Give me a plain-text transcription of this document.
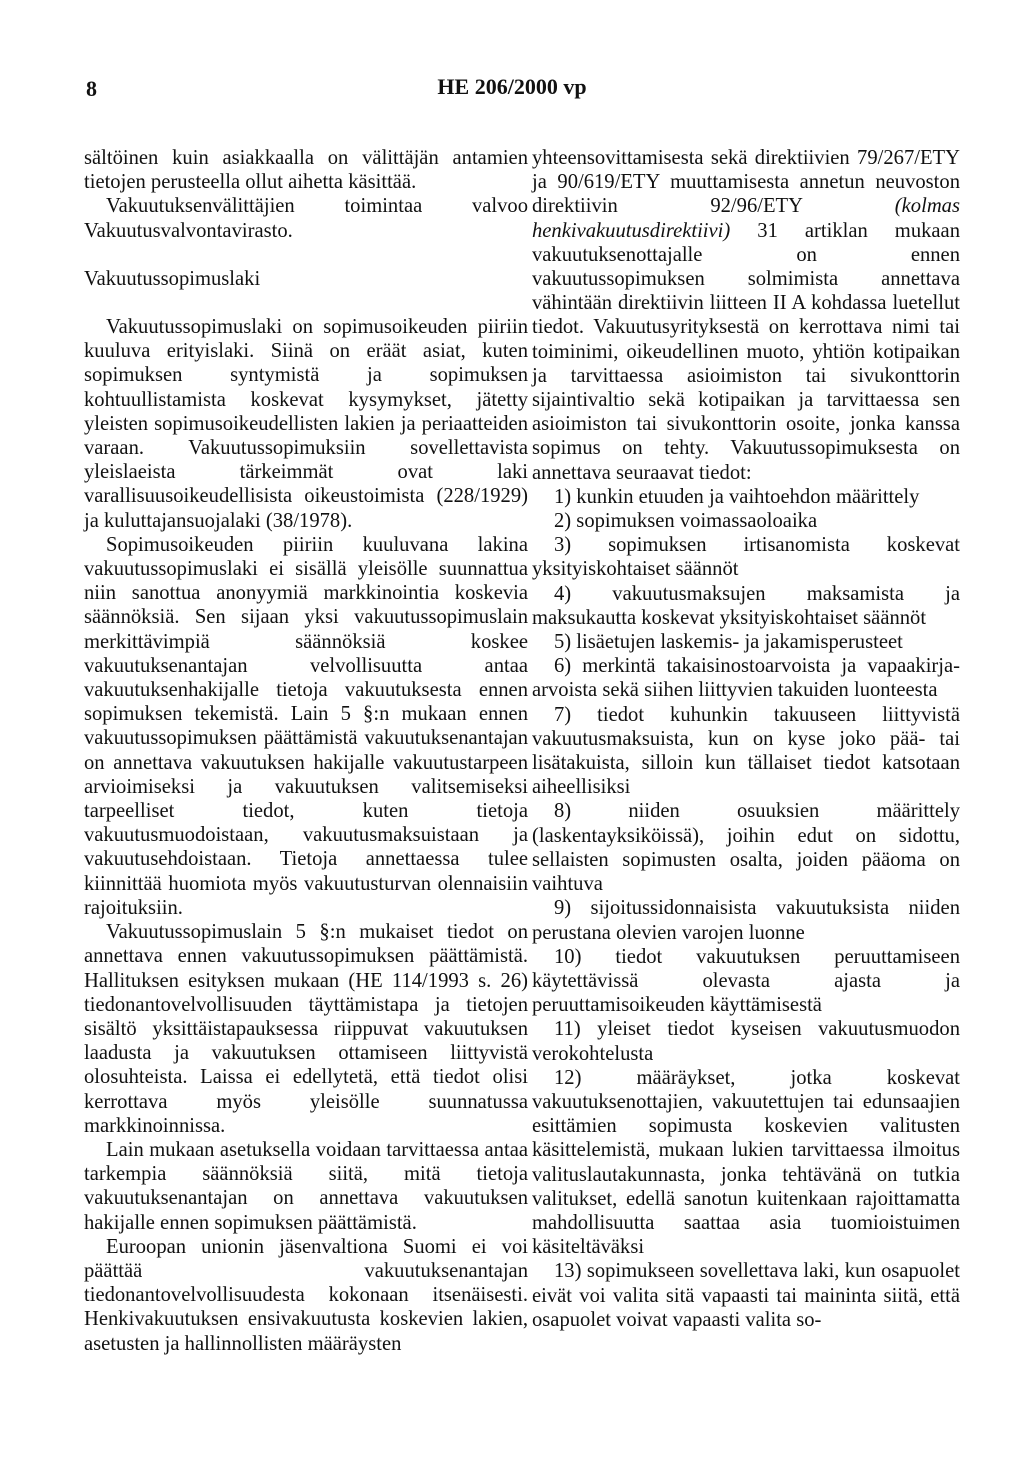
8	HE 206/2000 vp

sältöinen kuin asiakkaalla on välittäjän antamien tietojen perusteella ollut aihetta käsittää.

Vakuutuksenvälittäjien toimintaa valvoo Vakuutusvalvontavirasto.

Vakuutussopimuslaki

Vakuutussopimuslaki on sopimusoikeuden piiriin kuuluva erityislaki. Siinä on eräät asiat, kuten sopimuksen syntymistä ja sopimuksen kohtuullistamista koskevat kysymykset, jätetty yleisten sopimusoikeudellisten lakien ja periaatteiden varaan. Vakuutussopimuksiin sovellettavista yleislaeista tärkeimmät ovat laki varallisuusoikeudellisista oikeustoimista (228/1929) ja kuluttajansuojalaki (38/1978).

Sopimusoikeuden piiriin kuuluvana lakina vakuutussopimuslaki ei sisällä yleisölle suunnattua niin sanottua anonyymiä markkinointia koskevia säännöksiä. Sen sijaan yksi vakuutussopimuslain merkittävimpiä säännöksiä koskee vakuutuksenantajan velvollisuutta antaa vakuutuksenhakijalle tietoja vakuutuksesta ennen sopimuksen tekemistä. Lain 5 §:n mukaan ennen vakuutussopimuksen päättämistä vakuutuksenantajan on annettava vakuutuksen hakijalle vakuutustarpeen arvioimiseksi ja vakuutuksen valitsemiseksi tarpeelliset tiedot, kuten tietoja vakuutusmuodoistaan, vakuutusmaksuistaan ja vakuutusehdoistaan. Tietoja annettaessa tulee kiinnittää huomiota myös vakuutusturvan olennaisiin rajoituksiin.

Vakuutussopimuslain 5 §:n mukaiset tiedot on annettava ennen vakuutussopimuksen päättämistä. Hallituksen esityksen mukaan (HE 114/1993 s. 26) tiedonantovelvollisuuden täyttämistapa ja tietojen sisältö yksittäistapauksessa riippuvat vakuutuksen laadusta ja vakuutuksen ottamiseen liittyvistä olosuhteista. Laissa ei edellytetä, että tiedot olisi kerrottava myös yleisölle suunnatussa markkinoinnissa.

Lain mukaan asetuksella voidaan tarvittaessa antaa tarkempia säännöksiä siitä, mitä tietoja vakuutuksenantajan on annettava vakuutuksen hakijalle ennen sopimuksen päättämistä.

Euroopan unionin jäsenvaltiona Suomi ei voi päättää vakuutuksenantajan tiedonantovelvollisuudesta kokonaan itsenäisesti. Henkivakuutuksen ensivakuutusta koskevien lakien, asetusten ja hallinnollisten määräysten

yhteensovittamisesta sekä direktiivien 79/267/ETY ja 90/619/ETY muuttamisesta annetun neuvoston direktiivin 92/96/ETY	(kolmas henkivakuutusdirektiivi) 31 artiklan mukaan vakuutuksenottajalle on ennen vakuutussopimuksen solmimista annettava vähintään direktiivin liitteen II A kohdassa luetellut tiedot. Vakuutusyrityksestä on kerrottava nimi tai toiminimi, oikeudellinen muoto, yhtiön kotipaikan ja tarvittaessa asioimiston tai sivukonttorin sijaintivaltio sekä kotipaikan ja tarvittaessa sen asioimiston tai sivukonttorin osoite, jonka kanssa sopimus on tehty. Vakuutussopimuksesta on annettava seuraavat tiedot:

1) kunkin etuuden ja vaihtoehdon määrittely

2) sopimuksen voimassaoloaika

3) sopimuksen irtisanomista koskevat yksityiskohtaiset säännöt

4) vakuutusmaksujen maksamista ja maksukautta koskevat yksityiskohtaiset säännöt

5) lisäetujen laskemis- ja jakamisperusteet

6) merkintä takaisinostoarvoista ja vapaakirja-arvoista sekä siihen liittyvien takuiden luonteesta

7) tiedot kuhunkin takuuseen liittyvistä vakuutusmaksuista, kun on kyse joko pää- tai lisätakuista, silloin kun tällaiset tiedot katsotaan aiheellisiksi

8) niiden osuuksien määrittely (laskentayksiköissä), joihin edut on sidottu, sellaisten sopimusten osalta, joiden pääoma on vaihtuva

9) sijoitussidonnaisista vakuutuksista niiden perustana olevien varojen luonne

10) tiedot vakuutuksen peruuttamiseen käytettävissä olevasta ajasta ja peruuttamisoikeuden käyttämisestä

11) yleiset tiedot kyseisen vakuutusmuodon verokohtelusta

12) määräykset, jotka koskevat vakuutuksenottajien, vakuutettujen tai edunsaajien esittämien sopimusta koskevien valitusten käsittelemistä, mukaan lukien tarvittaessa ilmoitus valituslautakunnasta, jonka tehtävänä on tutkia valitukset, edellä sanotun kuitenkaan rajoittamatta mahdollisuutta saattaa asia tuomioistuimen käsiteltäväksi

13) sopimukseen sovellettava laki, kun osapuolet eivät voi valita sitä vapaasti tai maininta siitä, että osapuolet voivat vapaasti valita so-
